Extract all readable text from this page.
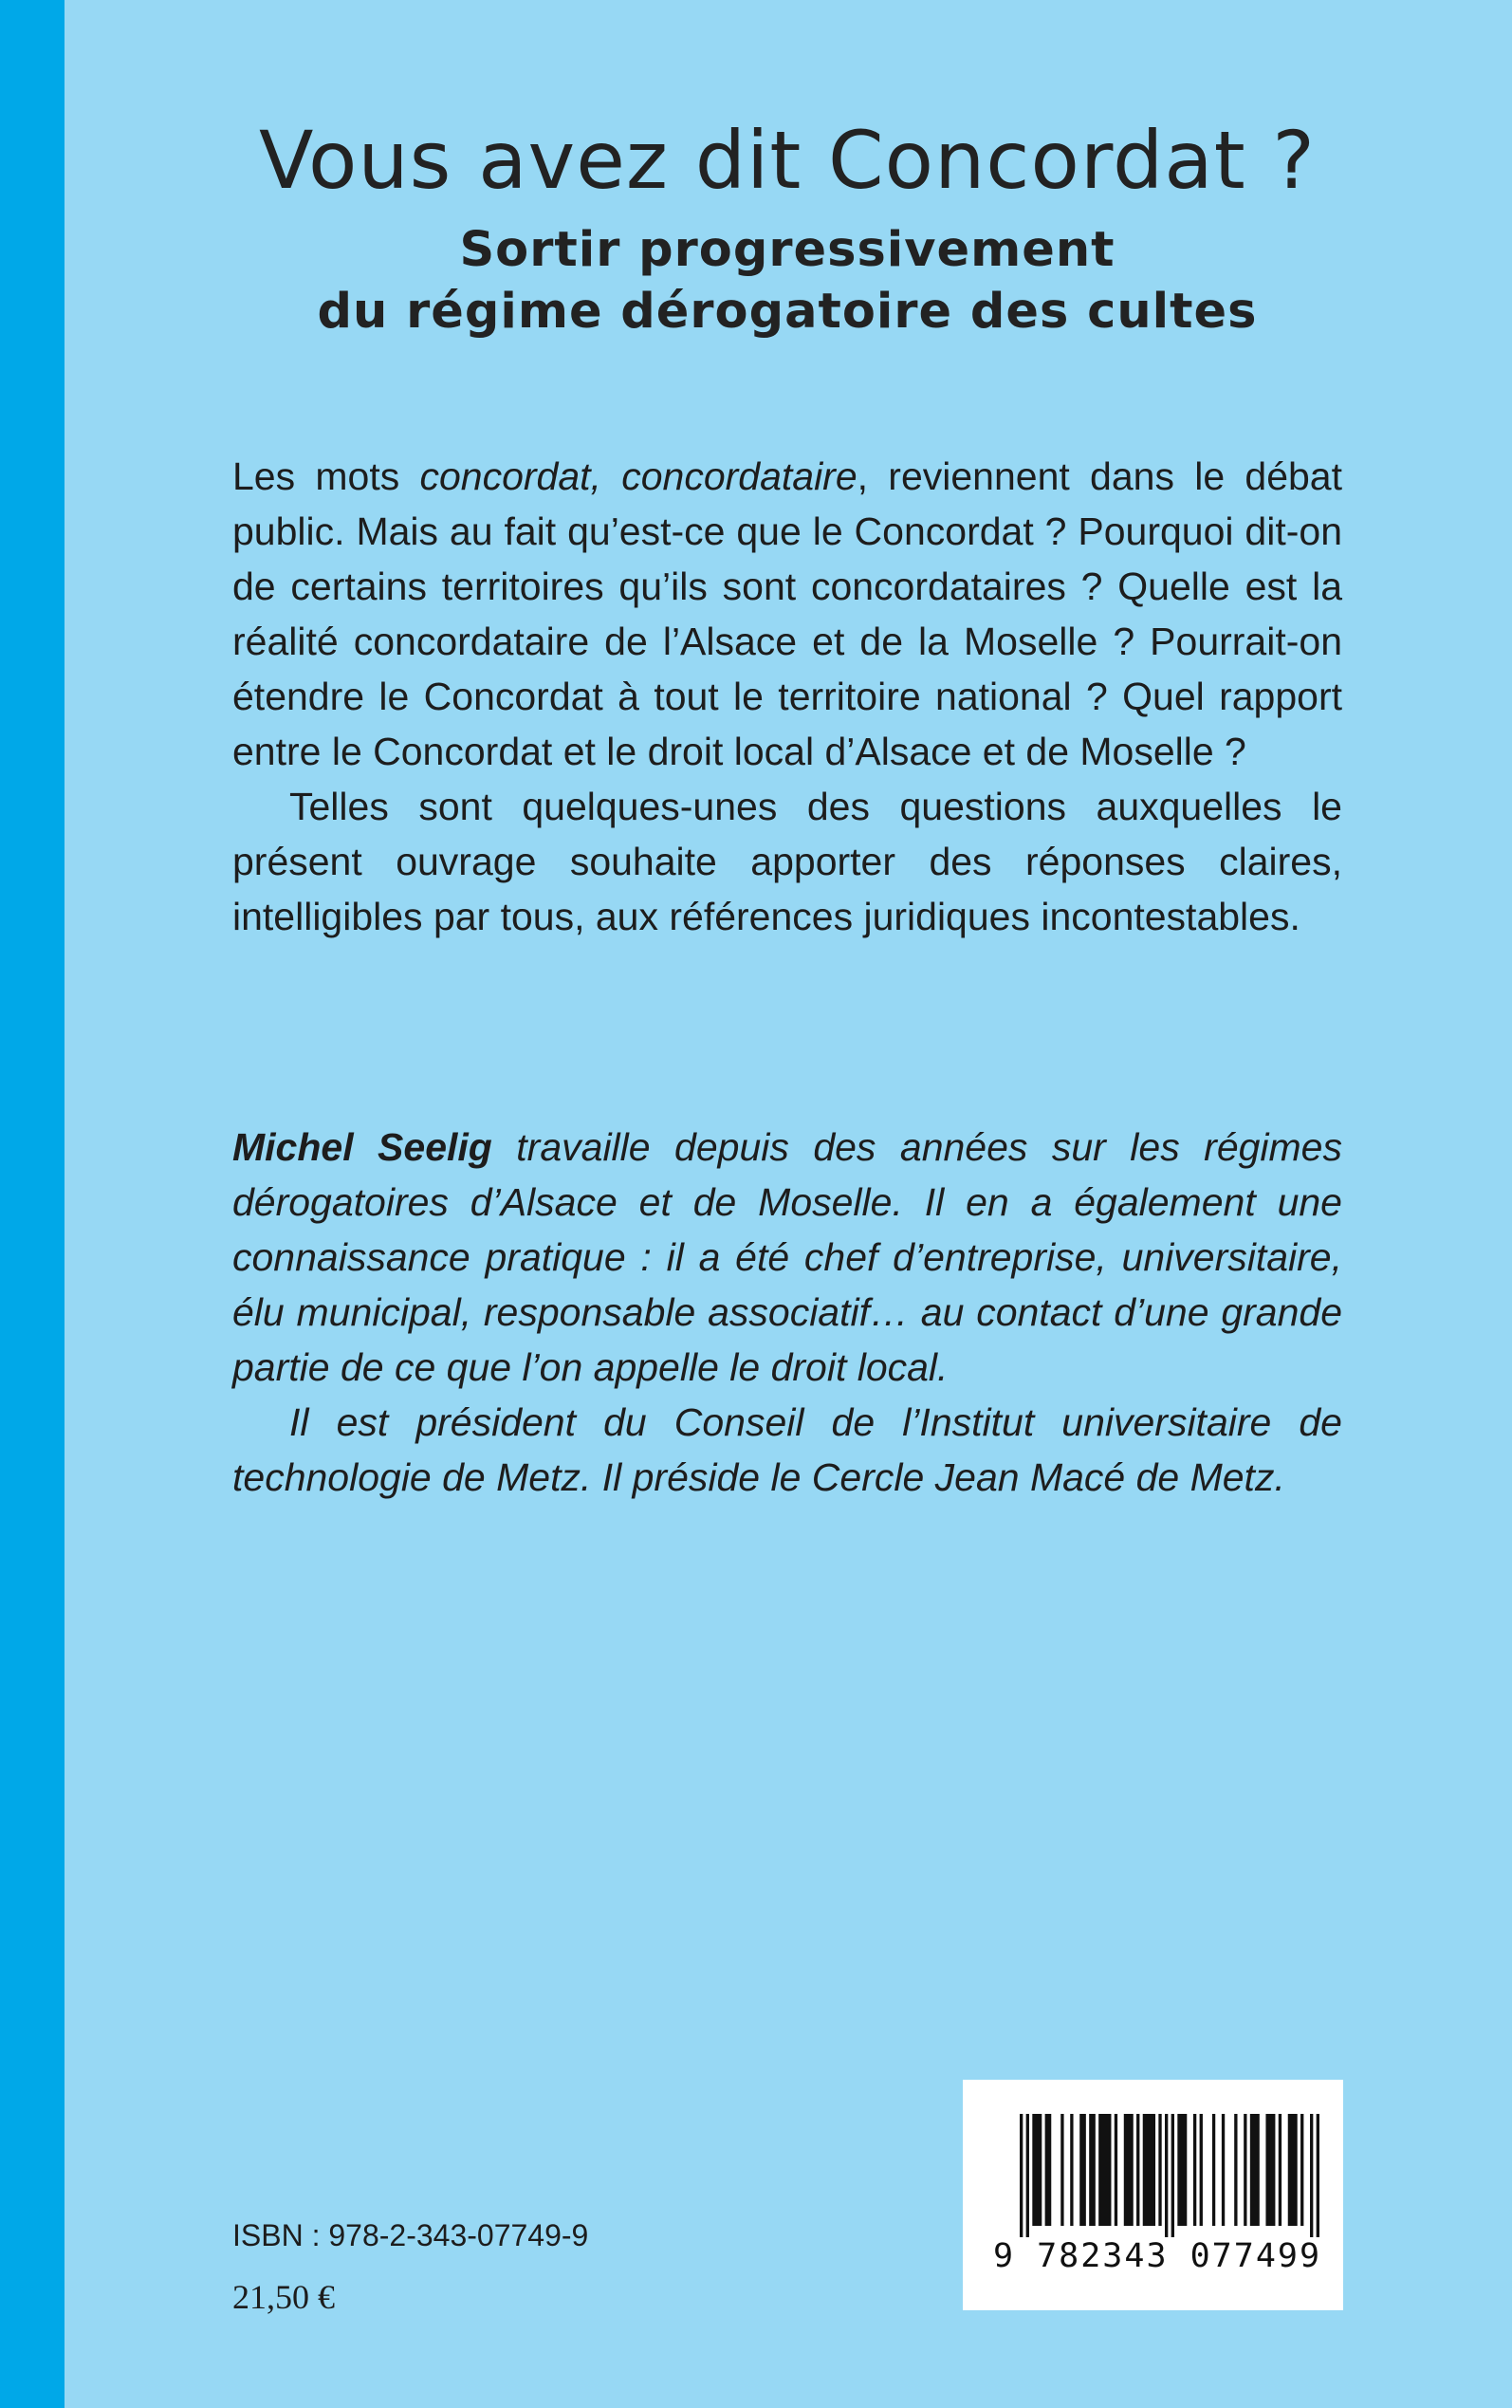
Vous avez dit Concordat ?
Sortir progressivement
du régime dérogatoire des cultes

Les mots concordat, concordataire, reviennent dans le débat public. Mais au fait qu’est-ce que le Concordat ? Pourquoi dit-on de certains territoires qu’ils sont concordataires ? Quelle est la réalité concordataire de l’Alsace et de la Moselle ? Pourrait-on étendre le Concordat à tout le territoire national ? Quel rapport entre le Concordat et le droit local d’Alsace et de Moselle ?

Telles sont quelques-unes des questions auxquelles le présent ouvrage souhaite apporter des réponses claires, intelligibles par tous, aux références juridiques incontestables.

Michel Seelig travaille depuis des années sur les régimes dérogatoires d’Alsace et de Moselle. Il en a également une connaissance pratique : il a été chef d’entreprise, universitaire, élu municipal, responsable associatif… au contact d’une grande partie de ce que l’on appelle le droit local.

Il est président du Conseil de l’Institut universitaire de technologie de Metz. Il préside le Cercle Jean Macé de Metz.

ISBN : 978-2-343-07749-9

21,50 €

9 782343 077499
